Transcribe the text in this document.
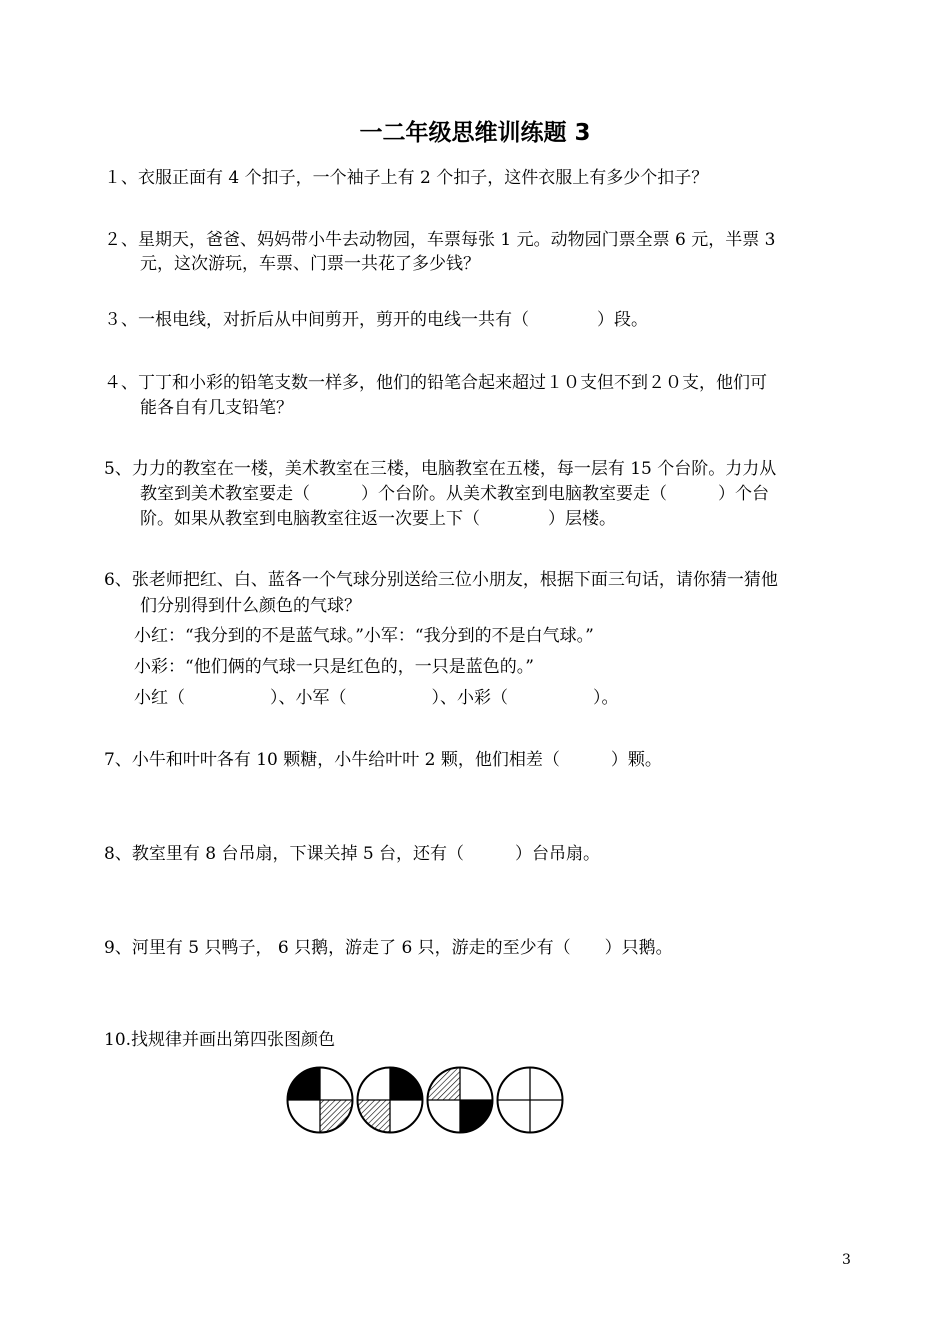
一二年级思维训练题 3
１、衣服正面有 4 个扣子，一个袖子上有 2 个扣子，这件衣服上有多少个扣子？
２、星期天，爸爸、妈妈带小牛去动物园，车票每张 1 元。动物园门票全票 6 元，半票 3
元，这次游玩，车票、门票一共花了多少钱？
３、一根电线，对折后从中间剪开，剪开的电线一共有（　　　　）段。
４、丁丁和小彩的铅笔支数一样多，他们的铅笔合起来超过１０支但不到２０支，他们可
能各自有几支铅笔？
5、力力的教室在一楼，美术教室在三楼，电脑教室在五楼，每一层有 15 个台阶。力力从
教室到美术教室要走（　　　）个台阶。从美术教室到电脑教室要走（　　　）个台
阶。如果从教室到电脑教室往返一次要上下（　　　　）层楼。
6、张老师把红、白、蓝各一个气球分别送给三位小朋友，根据下面三句话，请你猜一猜他
们分别得到什么颜色的气球？
小红：“我分到的不是蓝气球。”小军：“我分到的不是白气球。”
小彩：“他们俩的气球一只是红色的，一只是蓝色的。”
小红（　　　　　）、小军（　　　　　）、小彩（　　　　　）。
7、小牛和叶叶各有 10 颗糖，小牛给叶叶 2 颗，他们相差（　　　）颗。
8、教室里有 8 台吊扇，下课关掉 5 台，还有（　　　）台吊扇。
9、河里有 5 只鸭子， 6 只鹅，游走了 6 只，游走的至少有（　　）只鹅。
10.找规律并画出第四张图颜色
3
